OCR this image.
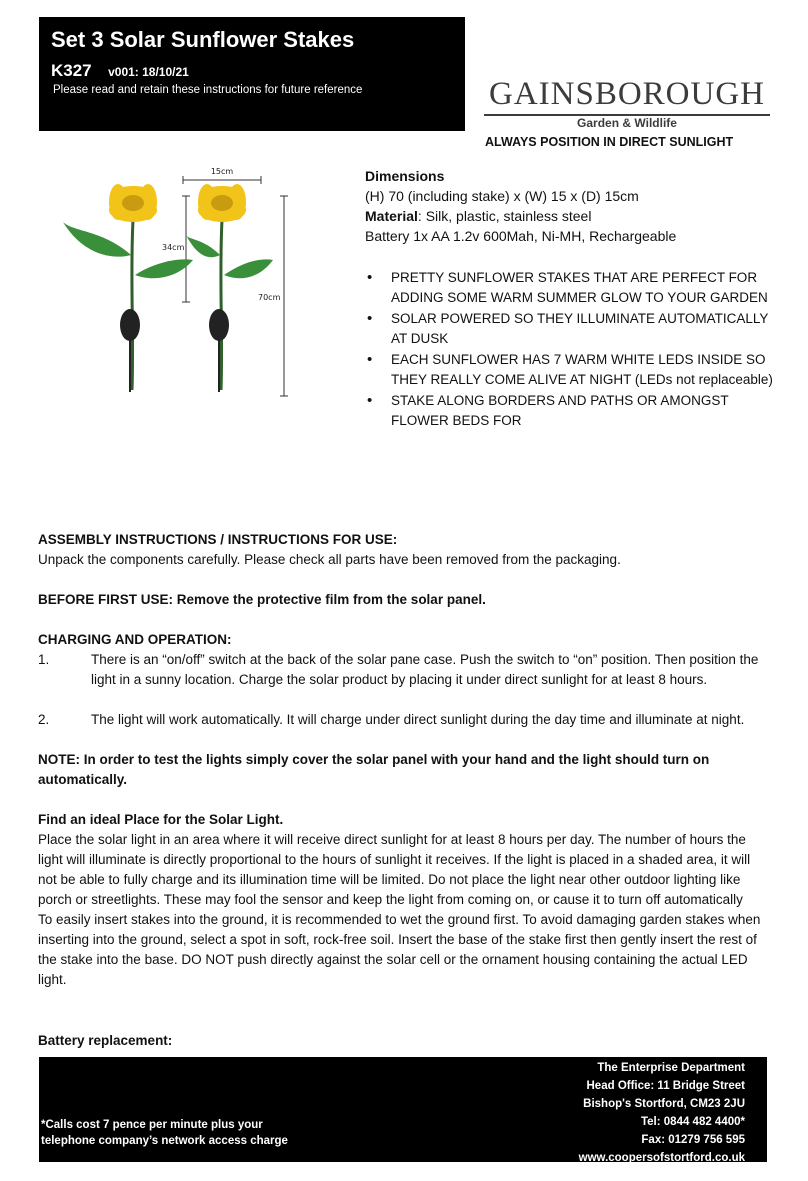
Set 3 Solar Sunflower Stakes
K327 v001: 18/10/21
Please read and retain these instructions for future reference	GAINSBOROUGH
Garden & Wildlife
ALWAYS POSITION IN DIRECT SUNLIGHT
15cm
34cm
70cm
Dimensions
(H) 70 (including stake) x (W) 15 x (D) 15cm
Material: Silk, plastic, stainless steel
Battery 1x AA 1.2v 600Mah, Ni-MH, Rechargeable
• PRETTY SUNFLOWER STAKES THAT ARE PERFECT FOR ADDING SOME WARM SUMMER GLOW TO YOUR GARDEN
• SOLAR POWERED SO THEY ILLUMINATE AUTOMATICALLY AT DUSK
• EACH SUNFLOWER HAS 7 WARM WHITE LEDS INSIDE SO THEY REALLY COME ALIVE AT NIGHT (LEDs not replaceable)
• STAKE ALONG BORDERS AND PATHS OR AMONGST FLOWER BEDS FOR
ASSEMBLY INSTRUCTIONS / INSTRUCTIONS FOR USE:
Unpack the components carefully. Please check all parts have been removed from the packaging.
BEFORE FIRST USE: Remove the protective film from the solar panel.
CHARGING AND OPERATION:
1.	There is an “on/off” switch at the back of the solar pane case. Push the switch to “on” position. Then position the light in a sunny location. Charge the solar product by placing it under direct sunlight for at least 8 hours.
2.	The light will work automatically. It will charge under direct sunlight during the day time and illuminate at night.
NOTE: In order to test the lights simply cover the solar panel with your hand and the light should turn on automatically.
Find an ideal Place for the Solar Light.
Place the solar light in an area where it will receive direct sunlight for at least 8 hours per day. The number of hours the light will illuminate is directly proportional to the hours of sunlight it receives. If the light is placed in a shaded area, it will not be able to fully charge and its illumination time will be limited. Do not place the light near other outdoor lighting like porch or streetlights. These may fool the sensor and keep the light from coming on, or cause it to turn off automatically
To easily insert stakes into the ground, it is recommended to wet the ground first. To avoid damaging garden stakes when inserting into the ground, select a spot in soft, rock-free soil. Insert the base of the stake first then gently insert the rest of the stake into the base. DO NOT push directly against the solar cell or the ornament housing containing the actual LED light.
Battery replacement:
*Calls cost 7 pence per minute plus your
telephone company’s network access charge
The Enterprise Department
Head Office: 11 Bridge Street
Bishop's Stortford, CM23 2JU
Tel: 0844 482 4400*
Fax: 01279 756 595
www.coopersofstortford.co.uk
